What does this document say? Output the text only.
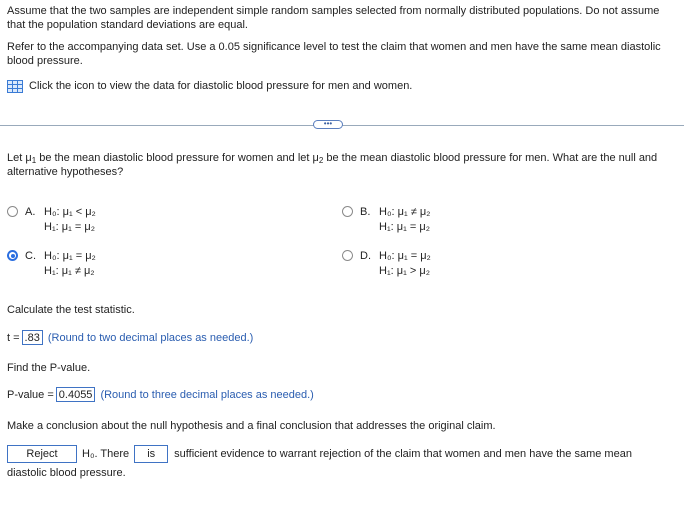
Assume that the two samples are independent simple random samples selected from normally distributed populations. Do not assume that the population standard deviations are equal.
Refer to the accompanying data set. Use a 0.05 significance level to test the claim that women and men have the same mean diastolic blood pressure.
Click the icon to view the data for diastolic blood pressure for men and women.
•••
Let $\mu_1$ be the mean diastolic blood pressure for women and let $\mu_2$ be the mean diastolic blood pressure for men. What are the null and alternative hypotheses?
A. H₀: μ₁ < μ₂
H₁: μ₁ = μ₂
B. H₀: μ₁ ≠ μ₂
H₁: μ₁ = μ₂
C. H₀: μ₁ = μ₂
H₁: μ₁ ≠ μ₂
D. H₀: μ₁ = μ₂
H₁: μ₁ > μ₂
Calculate the test statistic.
t = .83 (Round to two decimal places as needed.)
Find the P-value.
P-value = 0.4055 (Round to three decimal places as needed.)
Make a conclusion about the null hypothesis and a final conclusion that addresses the original claim.
Reject	H₀. There	is	sufficient evidence to warrant rejection of the claim that women and men have the same mean
diastolic blood pressure.
